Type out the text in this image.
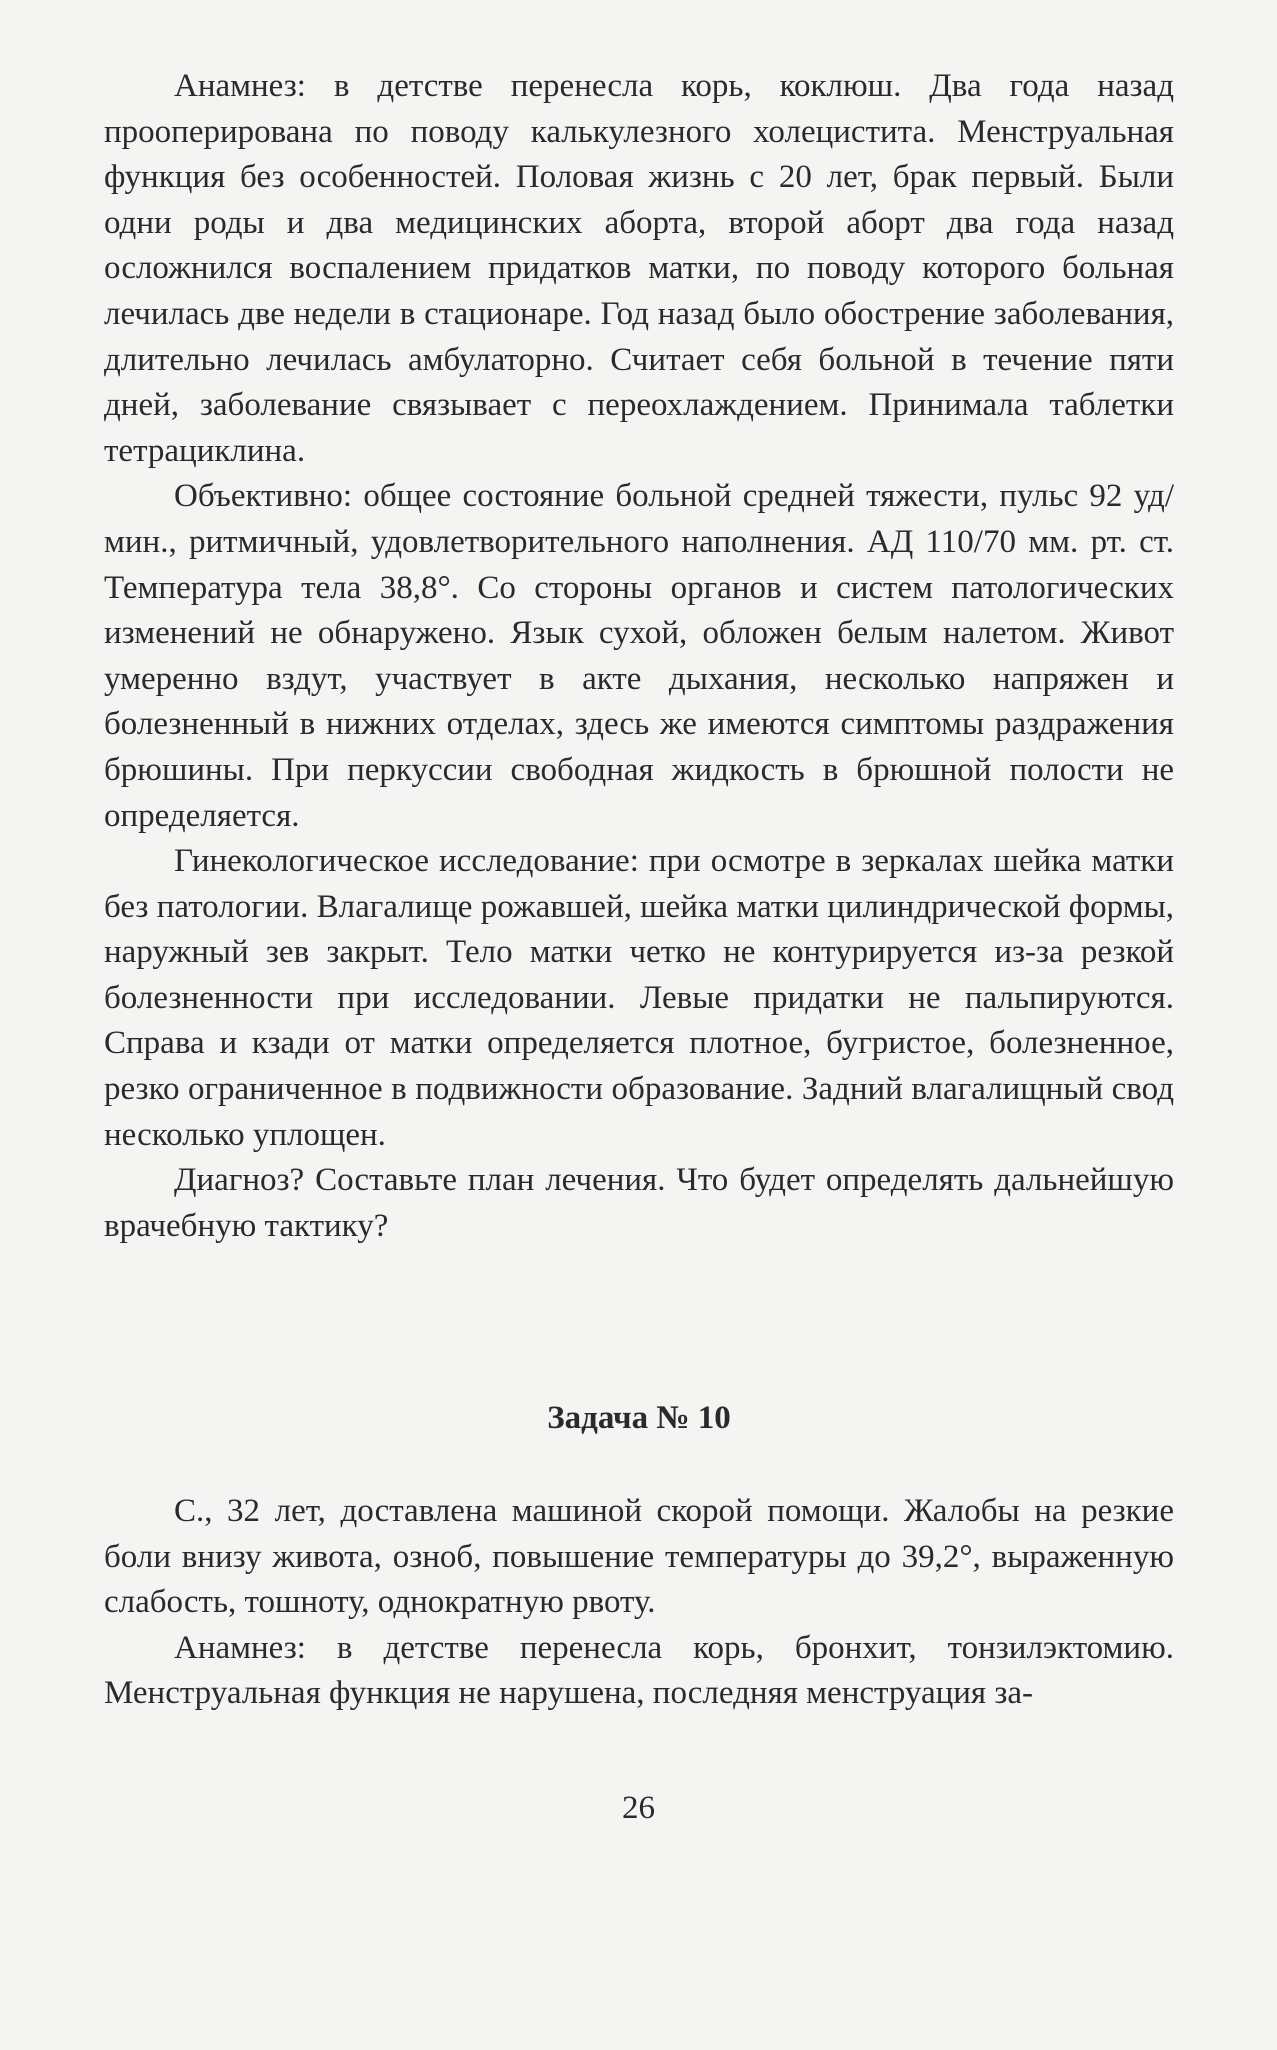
Анамнез: в детстве перенесла корь, коклюш. Два года назад прооперирована по поводу калькулезного холецистита. Менструальная функция без особенностей. Половая жизнь с 20 лет, брак первый. Были одни роды и два медицинских аборта, второй аборт два года назад осложнился воспалением придатков матки, по поводу которого больная лечилась две недели в стационаре. Год назад было обострение заболевания, длительно лечилась амбулаторно. Считает себя больной в течение пяти дней, заболевание связывает с переохлаждением. Принимала таблетки тетрациклина.

Объективно: общее состояние больной средней тяжести, пульс 92 уд/мин., ритмичный, удовлетворительного наполнения. АД 110/70 мм. рт. ст. Температура тела 38,8°. Со стороны органов и систем патологических изменений не обнаружено. Язык сухой, обложен белым налетом. Живот умеренно вздут, участвует в акте дыхания, несколько напряжен и болезненный в нижних отделах, здесь же имеются симптомы раздражения брюшины. При перкуссии свободная жидкость в брюшной полости не определяется.

Гинекологическое исследование: при осмотре в зеркалах шейка матки без патологии. Влагалище рожавшей, шейка матки цилиндрической формы, наружный зев закрыт. Тело матки четко не контурируется из-за резкой болезненности при исследовании. Левые придатки не пальпируются. Справа и кзади от матки определяется плотное, бугристое, болезненное, резко ограниченное в подвижности образование. Задний влагалищный свод несколько уплощен.

Диагноз? Составьте план лечения. Что будет определять дальнейшую врачебную тактику?

Задача № 10

С., 32 лет, доставлена машиной скорой помощи. Жалобы на резкие боли внизу живота, озноб, повышение температуры до 39,2°, выраженную слабость, тошноту, однократную рвоту.

Анамнез: в детстве перенесла корь, бронхит, тонзилэктомию. Менструальная функция не нарушена, последняя менструация за-

26
